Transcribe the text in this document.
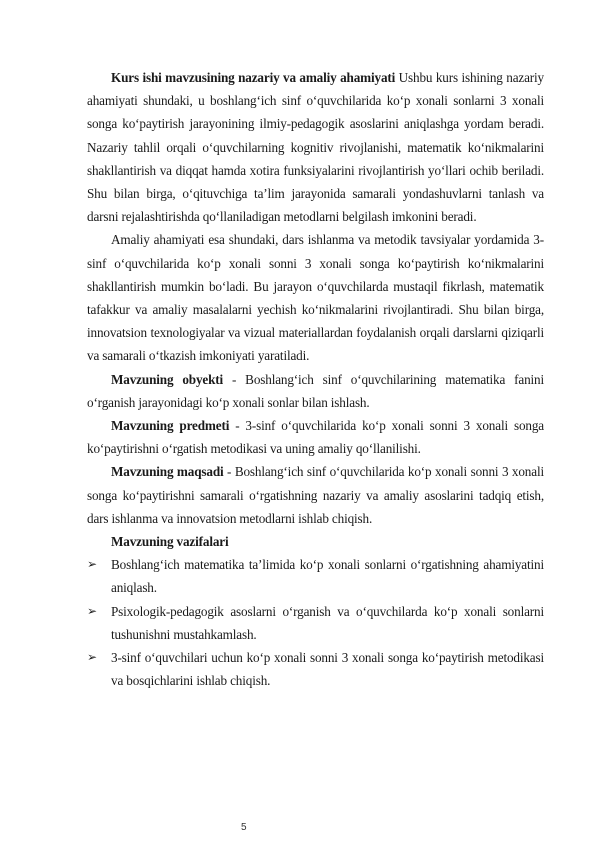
Kurs ishi mavzusining nazariy va amaliy ahamiyati Ushbu kurs ishining nazariy ahamiyati shundaki, u boshlang‘ich sinf o‘quvchilarida ko‘p xonali sonlarni 3 xonali songa ko‘paytirish jarayonining ilmiy-pedagogik asoslarini aniqlashga yordam beradi. Nazariy tahlil orqali o‘quvchilarning kognitiv rivojlanishi, matematik ko‘nikmalarini shakllantirish va diqqat hamda xotira funksiyalarini rivojlantirish yo‘llari ochib beriladi. Shu bilan birga, o‘qituvchiga ta’lim jarayonida samarali yondashuvlarni tanlash va darsni rejalashtirishda qo‘llaniladigan metodlarni belgilash imkonini beradi.

Amaliy ahamiyati esa shundaki, dars ishlanma va metodik tavsiyalar yordamida 3-sinf o‘quvchilarida ko‘p xonali sonni 3 xonali songa ko‘paytirish ko‘nikmalarini shakllantirish mumkin bo‘ladi. Bu jarayon o‘quvchilarda mustaqil fikrlash, matematik tafakkur va amaliy masalalarni yechish ko‘nikmalarini rivojlantiradi. Shu bilan birga, innovatsion texnologiyalar va vizual materiallardan foydalanish orqali darslarni qiziqarli va samarali o‘tkazish imkoniyati yaratiladi.

Mavzuning obyekti - Boshlang‘ich sinf o‘quvchilarining matematika fanini o‘rganish jarayonidagi ko‘p xonali sonlar bilan ishlash.

Mavzuning predmeti - 3-sinf o‘quvchilarida ko‘p xonali sonni 3 xonali songa ko‘paytirishni o‘rgatish metodikasi va uning amaliy qo‘llanilishi.

Mavzuning maqsadi - Boshlang‘ich sinf o‘quvchilarida ko‘p xonali sonni 3 xonali songa ko‘paytirishni samarali o‘rgatishning nazariy va amaliy asoslarini tadqiq etish, dars ishlanma va innovatsion metodlarni ishlab chiqish.

Mavzuning vazifalari

➢ Boshlang‘ich matematika ta’limida ko‘p xonali sonlarni o‘rgatishning ahamiyatini aniqlash.
➢ Psixologik-pedagogik asoslarni o‘rganish va o‘quvchilarda ko‘p xonali sonlarni tushunishni mustahkamlash.
➢ 3-sinf o‘quvchilari uchun ko‘p xonali sonni 3 xonali songa ko‘paytirish metodikasi va bosqichlarini ishlab chiqish.
5
